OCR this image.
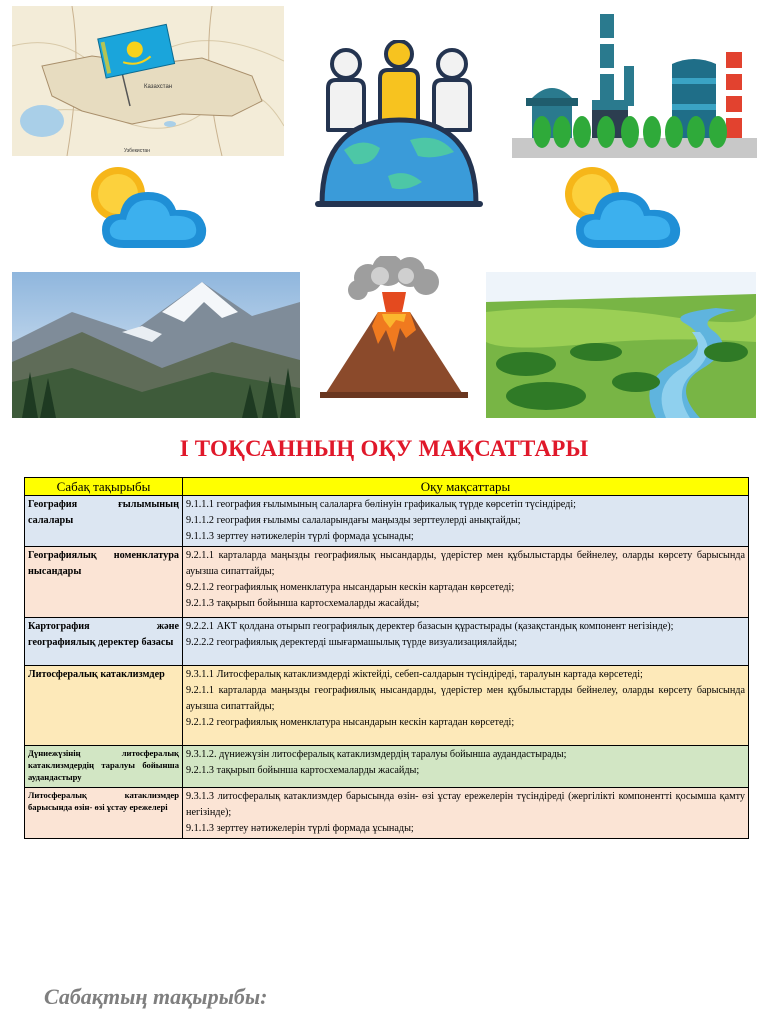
Казахстан
Узбекистан
I ТОҚСАННЫҢ ОҚУ МАҚСАТТАРЫ
Сабақ тақырыбы	Оқу мақсаттары
География ғылымының салалары	9.1.1.1 география ғылымының салаларға бөлінуін графикалық түрде көрсетіп түсіндіреді;
9.1.1.2 география ғылымы салаларындағы маңызды зерттеулерді анықтайды;
9.1.1.3 зерттеу нәтижелерін түрлі формада ұсынады;

Географиялық номенклатура нысандары	9.2.1.1 карталарда маңызды географиялық нысандарды, үдерістер мен құбылыстарды бейнелеу, оларды көрсету барысында ауызша сипаттайды;
9.2.1.2 географиялық номенклатура нысандарын кескін картадан көрсетеді;
9.2.1.3 тақырып бойынша картосхемаларды жасайды;

Картография және географиялық деректер базасы	9.2.2.1 АКТ қолдана отырып географиялық деректер базасын құрастырады (қазақстандық компонент негізінде);
9.2.2.2 географиялық деректерді шығармашылық түрде визуализациялайды;

Литосфералық катаклизмдер	9.3.1.1 Литосфералық катаклизмдерді жіктейді, себеп-салдарын түсіндіреді, таралуын картада көрсетеді;
9.2.1.1 карталарда маңызды географиялық нысандарды, үдерістер мен құбылыстарды бейнелеу, оларды көрсету барысында ауызша сипаттайды;
9.2.1.2 географиялық номенклатура нысандарын кескін картадан көрсетеді;

Дүниежүзінің литосфералық катаклизмдердің таралуы бойынша аудандастыру	9.3.1.2. дүниежүзін литосфералық катаклизмдердің таралуы бойынша аудандастырады;
9.2.1.3 тақырып бойынша картосхемаларды жасайды;

Литосфералық катаклизмдер барысында өзін- өзі ұстау ережелері	9.3.1.3 литосфералық катаклизмдер барысында өзін- өзі ұстау ережелерін түсіндіреді (жергілікті компонентті қосымша қамту негізінде);
9.1.1.3 зерттеу нәтижелерін түрлі формада ұсынады;
Сабақтың тақырыбы:
